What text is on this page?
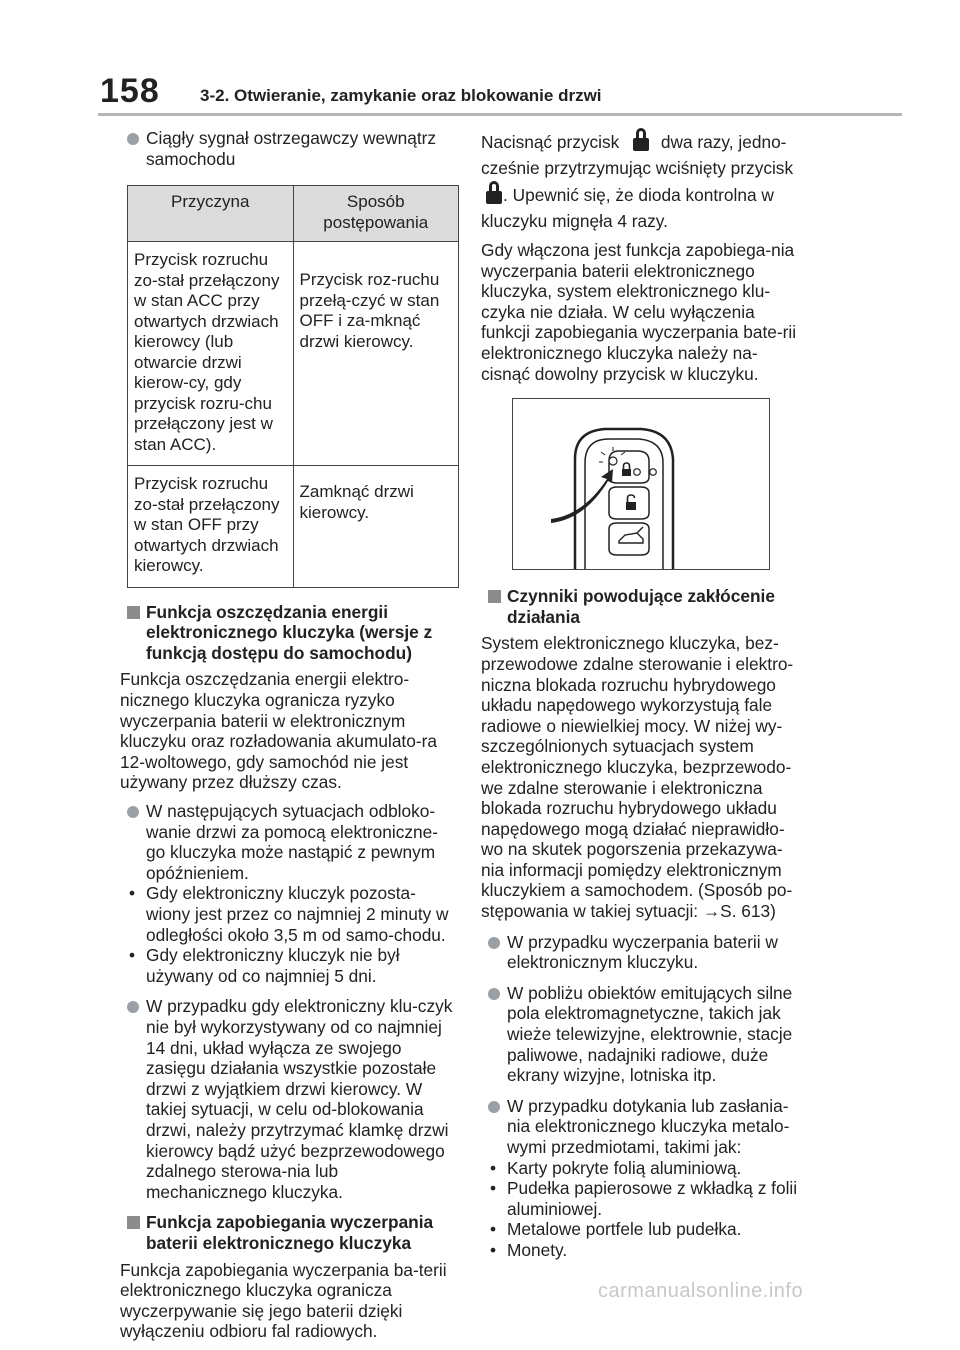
158 3-2. Otwieranie, zamykanie oraz blokowanie drzwi
Ciągły sygnał ostrzegawczy wewnątrz samochodu
Przyczyna	Sposób postępowania
Przycisk rozruchu zo-stał przełączony w stan ACC przy otwartych drzwiach kierowcy (lub otwarcie drzwi kierow-cy, gdy przycisk rozru-chu przełączony jest w stan ACC).	Przycisk roz-ruchu przełą-czyć w stan OFF i za-mknąć drzwi kierowcy.
Przycisk rozruchu zo-stał przełączony w stan OFF przy otwartych drzwiach kierowcy.	Zamknąć drzwi kierowcy.
Funkcja oszczędzania energii elektronicznego kluczyka (wersje z funkcją dostępu do samochodu)
Funkcja oszczędzania energii elektro-nicznego kluczyka ogranicza ryzyko wyczerpania baterii w elektronicznym kluczyku oraz rozładowania akumulato-ra 12-woltowego, gdy samochód nie jest używany przez dłuższy czas.
W następujących sytuacjach odbloko-wanie drzwi za pomocą elektroniczne-go kluczyka może nastąpić z pewnym opóźnieniem.
• Gdy elektroniczny kluczyk pozosta-wiony jest przez co najmniej 2 minuty w odległości około 3,5 m od samo-chodu.
• Gdy elektroniczny kluczyk nie był używany od co najmniej 5 dni.
W przypadku gdy elektroniczny klu-czyk nie był wykorzystywany od co najmniej 14 dni, układ wyłącza ze swojego zasięgu działania wszystkie pozostałe drzwi z wyjątkiem drzwi kierowcy. W takiej sytuacji, w celu od-blokowania drzwi, należy przytrzymać klamkę drzwi kierowcy bądź użyć bezprzewodowego zdalnego sterowa-nia lub mechanicznego kluczyka.
Funkcja zapobiegania wyczerpania baterii elektronicznego kluczyka
Funkcja zapobiegania wyczerpania ba-terii elektronicznego kluczyka ogranicza wyczerpywanie się jego baterii dzięki wyłączeniu odbioru fal radiowych.
Nacisnąć przycisk dwa razy, jedno-cześnie przytrzymując wciśnięty przycisk
. Upewnić się, że dioda kontrolna w kluczyku mignęła 4 razy.
Gdy włączona jest funkcja zapobiega-nia wyczerpania baterii elektronicznego kluczyka, system elektronicznego klu-czyka nie działa. W celu wyłączenia funkcji zapobiegania wyczerpania bate-rii elektronicznego kluczyka należy na-cisnąć dowolny przycisk w kluczyku.
Czynniki powodujące zakłócenie działania
System elektronicznego kluczyka, bez-przewodowe zdalne sterowanie i elektro-niczna blokada rozruchu hybrydowego układu napędowego wykorzystują fale radiowe o niewielkiej mocy. W niżej wy-szczególnionych sytuacjach system elektronicznego kluczyka, bezprzewodo-we zdalne sterowanie i elektroniczna blokada rozruchu hybrydowego układu napędowego mogą działać nieprawidło-wo na skutek pogorszenia przekazywa-nia informacji pomiędzy elektronicznym kluczykiem a samochodem. (Sposób po-stępowania w takiej sytuacji: →S. 613)
W przypadku wyczerpania baterii w elektronicznym kluczyku.
W pobliżu obiektów emitujących silne pola elektromagnetyczne, takich jak wieże telewizyjne, elektrownie, stacje paliwowe, nadajniki radiowe, duże ekrany wizyjne, lotniska itp.
W przypadku dotykania lub zasłania-nia elektronicznego kluczyka metalo-wymi przedmiotami, takimi jak:
• Karty pokryte folią aluminiową.
• Pudełka papierosowe z wkładką z folii aluminiowej.
• Metalowe portfele lub pudełka.
• Monety.
carmanualsonline.info
